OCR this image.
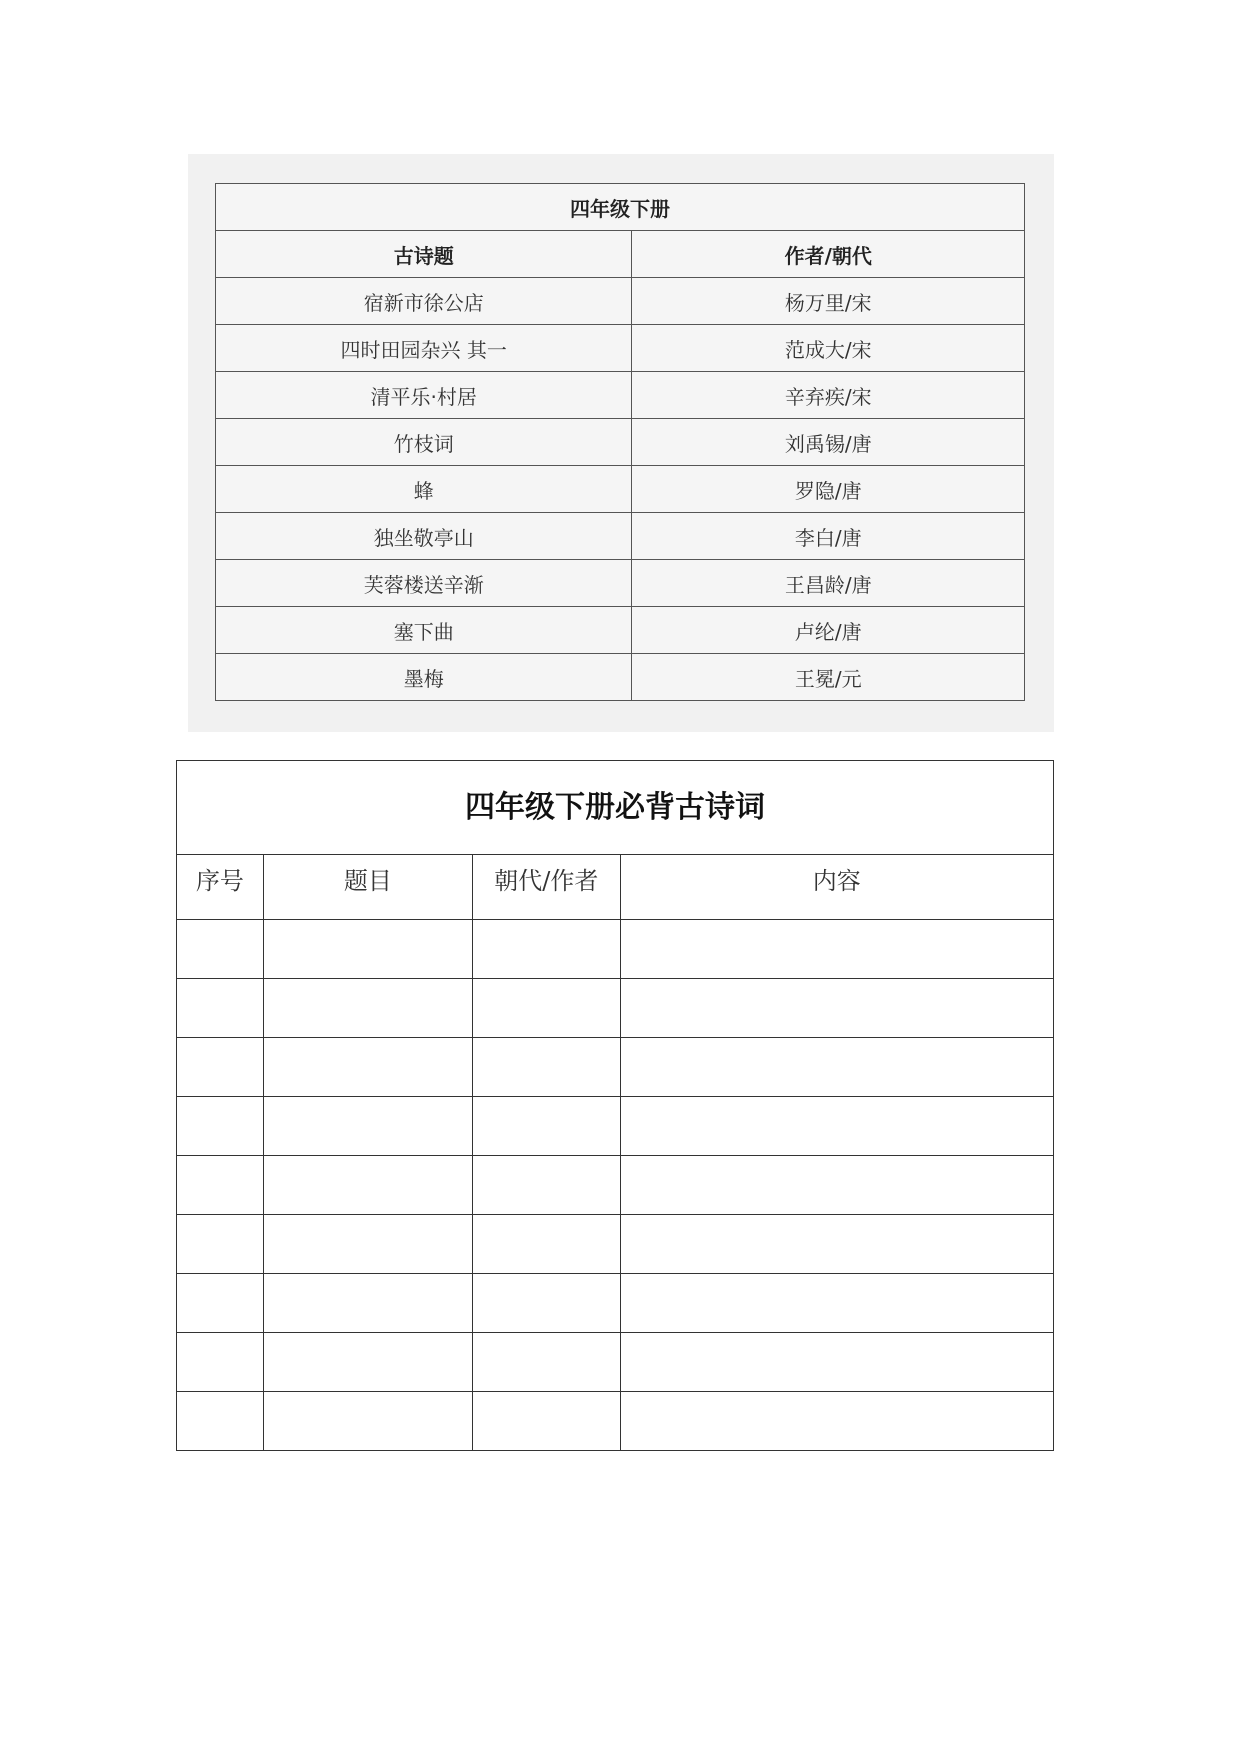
四年级下册	
古诗题	作者/朝代
宿新市徐公店	杨万里/宋
四时田园杂兴 其一	范成大/宋
清平乐·村居	辛弃疾/宋
竹枝词	刘禹锡/唐
蜂	罗隐/唐
独坐敬亭山	李白/唐
芙蓉楼送辛渐	王昌龄/唐
塞下曲	卢纶/唐
墨梅	王冕/元
四年级下册必背古诗词			
序号	题目	朝代/作者	内容
